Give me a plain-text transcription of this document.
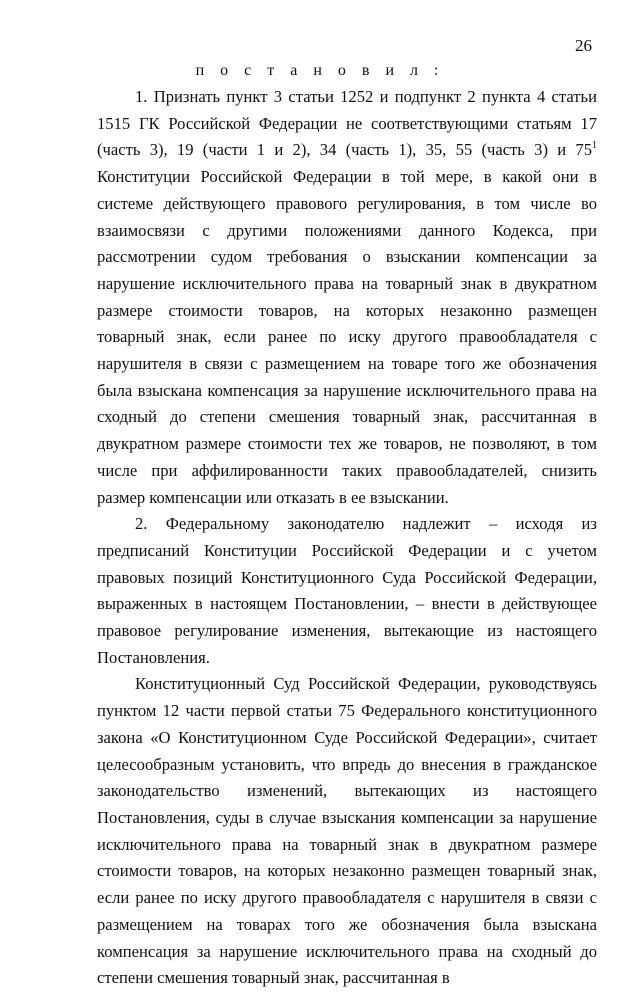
26
п о с т а н о в и л :

1. Признать пункт 3 статьи 1252 и подпункт 2 пункта 4 статьи 1515 ГК Российской Федерации не соответствующими статьям 17 (часть 3), 19 (части 1 и 2), 34 (часть 1), 35, 55 (часть 3) и $75^1$ Конституции Российской Федерации в той мере, в какой они в системе действующего правового регулирования, в том числе во взаимосвязи с другими положениями данного Кодекса, при рассмотрении судом требования о взыскании компенсации за нарушение исключительного права на товарный знак в двукратном размере стоимости товаров, на которых незаконно размещен товарный знак, если ранее по иску другого правообладателя с нарушителя в связи с размещением на товаре того же обозначения была взыскана компенсация за нарушение исключительного права на сходный до степени смешения товарный знак, рассчитанная в двукратном размере стоимости тех же товаров, не позволяют, в том числе при аффилированности таких правообладателей, снизить размер компенсации или отказать в ее взыскании.

2. Федеральному законодателю надлежит – исходя из предписаний Конституции Российской Федерации и с учетом правовых позиций Конституционного Суда Российской Федерации, выраженных в настоящем Постановлении, – внести в действующее правовое регулирование изменения, вытекающие из настоящего Постановления.

Конституционный Суд Российской Федерации, руководствуясь пунктом 12 части первой статьи 75 Федерального конституционного закона «О Конституционном Суде Российской Федерации», считает целесообразным установить, что впредь до внесения в гражданское законодательство изменений, вытекающих из настоящего Постановления, суды в случае взыскания компенсации за нарушение исключительного права на товарный знак в двукратном размере стоимости товаров, на которых незаконно размещен товарный знак, если ранее по иску другого правообладателя с нарушителя в связи с размещением на товарах того же обозначения была взыскана компенсация за нарушение исключительного права на сходный до степени смешения товарный знак, рассчитанная в
